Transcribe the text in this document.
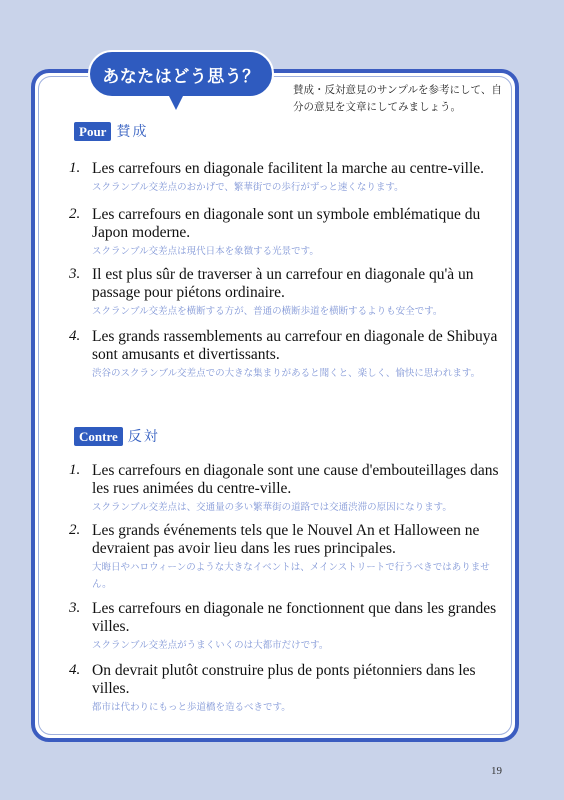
あなたはどう思う？
賛成・反対意見のサンプルを参考にして、自分の意見を文章にしてみましょう。
Pour 賛成
1. Les carrefours en diagonale facilitent la marche au centre-ville.
スクランブル交差点のおかげで、繁華街での歩行がずっと速くなります。
2. Les carrefours en diagonale sont un symbole emblématique du Japon moderne.
スクランブル交差点は現代日本を象徴する光景です。
3. Il est plus sûr de traverser à un carrefour en diagonale qu'à un passage pour piétons ordinaire.
スクランブル交差点を横断する方が、普通の横断歩道を横断するよりも安全です。
4. Les grands rassemblements au carrefour en diagonale de Shibuya sont amusants et divertissants.
渋谷のスクランブル交差点での大きな集まりがあると聞くと、楽しく、愉快に思われます。
Contre 反対
1. Les carrefours en diagonale sont une cause d'embouteillages dans les rues animées du centre-ville.
スクランブル交差点は、交通量の多い繁華街の道路では交通渋滞の原因になります。
2. Les grands événements tels que le Nouvel An et Halloween ne devraient pas avoir lieu dans les rues principales.
大晦日やハロウィーンのような大きなイベントは、メインストリートで行うべきではありません。
3. Les carrefours en diagonale ne fonctionnent que dans les grandes villes.
スクランブル交差点がうまくいくのは大都市だけです。
4. On devrait plutôt construire plus de ponts piétonniers dans les villes.
都市は代わりにもっと歩道橋を造るべきです。
19
